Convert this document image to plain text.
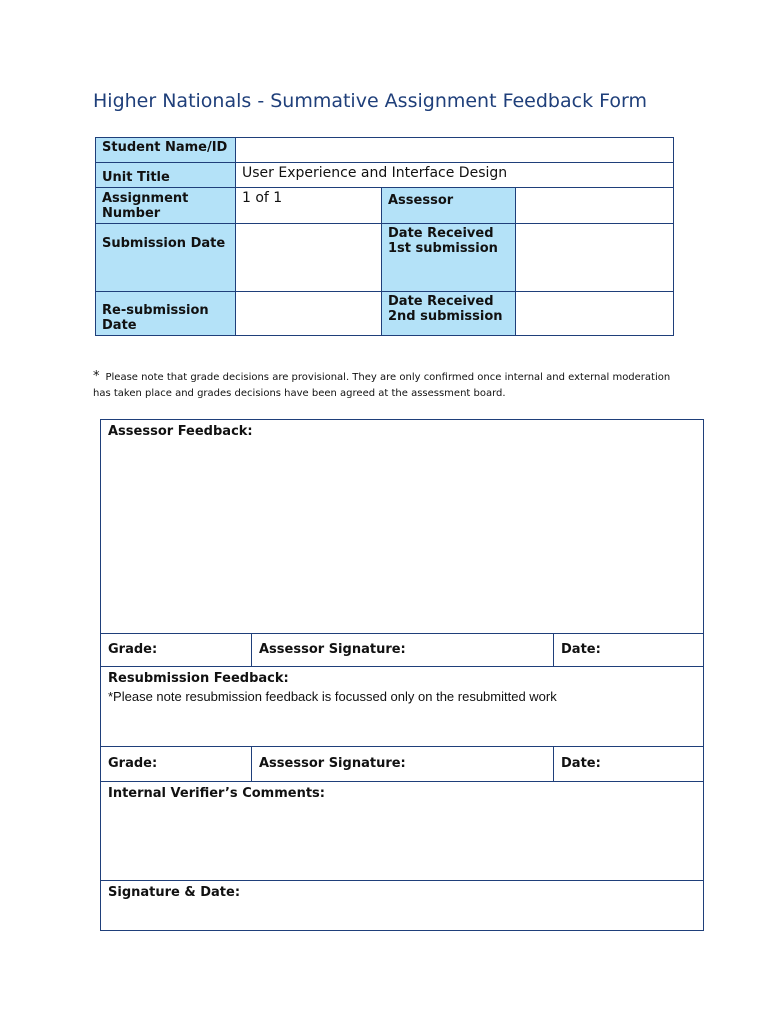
Higher Nationals - Summative Assignment Feedback Form
Student Name/ID			
Unit Title	User Experience and Interface Design		
Assignment Number	1 of 1	Assessor	
Submission Date		Date Received 1st submission	
Re-submission Date		Date Received 2nd submission	
* Please note that grade decisions are provisional. They are only confirmed once internal and external moderation has taken place and grades decisions have been agreed at the assessment board.
Assessor Feedback:		
Grade:	Assessor Signature:	Date:

Resubmission Feedback:
*Please note resubmission feedback is focussed only on the resubmitted work		

Grade:	Assessor Signature:	Date:
Internal Verifier’s Comments:		
Signature & Date:		
